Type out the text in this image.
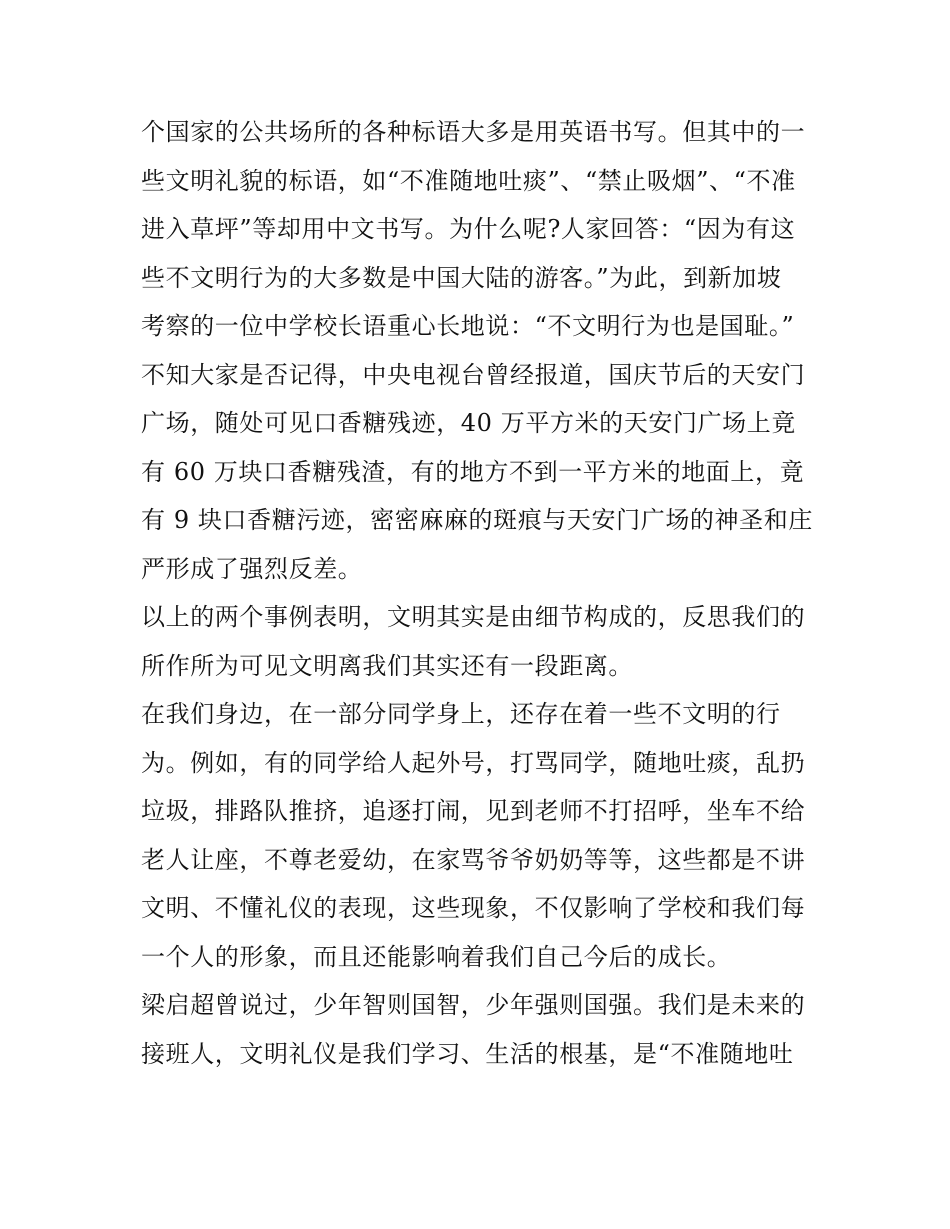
个国家的公共场所的各种标语大多是用英语书写。但其中的一
些文明礼貌的标语，如“不准随地吐痰”、“禁止吸烟”、“不准
进入草坪”等却用中文书写。为什么呢?人家回答：“因为有这
些不文明行为的大多数是中国大陆的游客。”为此，到新加坡
考察的一位中学校长语重心长地说：“不文明行为也是国耻。”
不知大家是否记得，中央电视台曾经报道，国庆节后的天安门
广场，随处可见口香糖残迹，40 万平方米的天安门广场上竟
有 60 万块口香糖残渣，有的地方不到一平方米的地面上，竟
有 9 块口香糖污迹，密密麻麻的斑痕与天安门广场的神圣和庄
严形成了强烈反差。
以上的两个事例表明，文明其实是由细节构成的，反思我们的
所作所为可见文明离我们其实还有一段距离。
在我们身边，在一部分同学身上，还存在着一些不文明的行
为。例如，有的同学给人起外号，打骂同学，随地吐痰，乱扔
垃圾，排路队推挤，追逐打闹，见到老师不打招呼，坐车不给
老人让座，不尊老爱幼，在家骂爷爷奶奶等等，这些都是不讲
文明、不懂礼仪的表现，这些现象，不仅影响了学校和我们每
一个人的形象，而且还能影响着我们自己今后的成长。
梁启超曾说过，少年智则国智，少年强则国强。我们是未来的
接班人，文明礼仪是我们学习、生活的根基，是“不准随地吐
